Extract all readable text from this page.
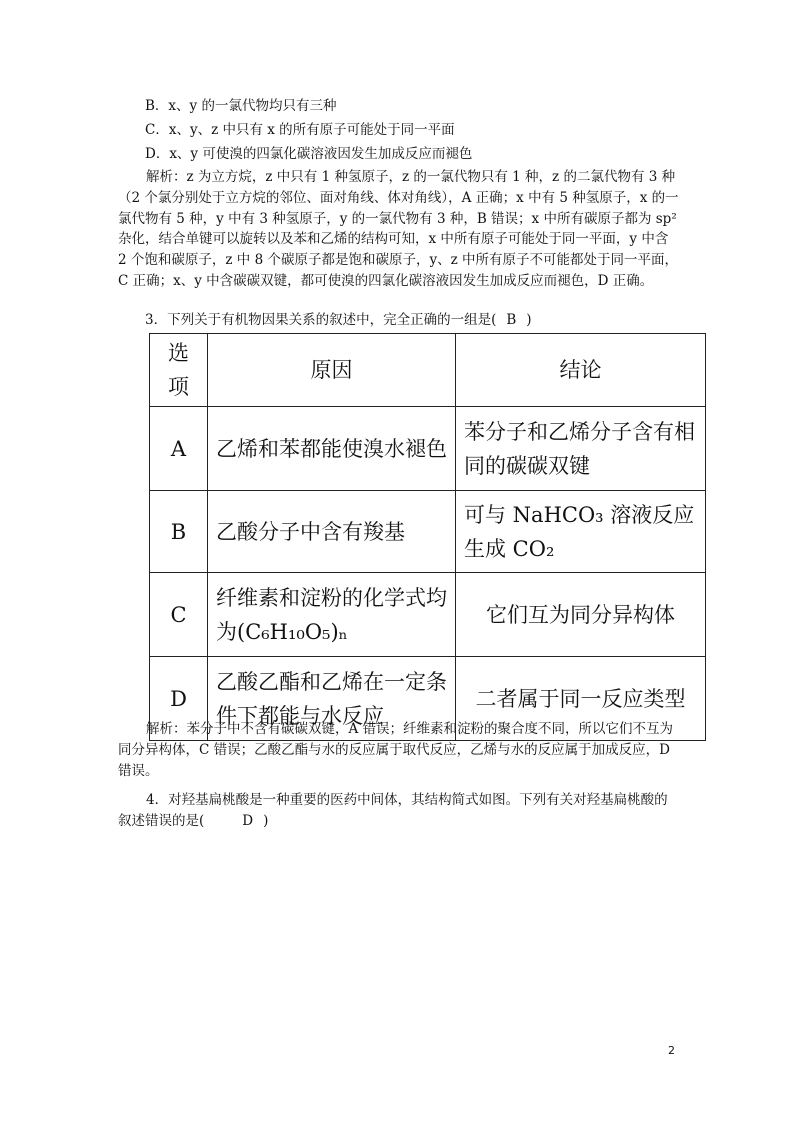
B．x、y 的一氯代物均只有三种
C．x、y、z 中只有 x 的所有原子可能处于同一平面
D．x、y 可使溴的四氯化碳溶液因发生加成反应而褪色
解析：z 为立方烷，z 中只有 1 种氢原子，z 的一氯代物只有 1 种，z 的二氯代物有 3 种（2 个氯分别处于立方烷的邻位、面对角线、体对角线），A 正确；x 中有 5 种氢原子，x 的一氯代物有 5 种，y 中有 3 种氢原子，y 的一氯代物有 3 种，B 错误；x 中所有碳原子都为 sp² 杂化，结合单键可以旋转以及苯和乙烯的结构可知，x 中所有原子可能处于同一平面，y 中含 2 个饱和碳原子，z 中 8 个碳原子都是饱和碳原子，y、z 中所有原子不可能都处于同一平面，C 正确；x、y 中含碳碳双键，都可使溴的四氯化碳溶液因发生加成反应而褪色，D 正确。
3．下列关于有机物因果关系的叙述中，完全正确的一组是( B )
选项	原因	结论
A	乙烯和苯都能使溴水褪色	苯分子和乙烯分子含有相同的碳碳双键
B	乙酸分子中含有羧基	可与 NaHCO₃ 溶液反应生成 CO₂
C	纤维素和淀粉的化学式均为(C₆H₁₀O₅)ₙ	它们互为同分异构体
D	乙酸乙酯和乙烯在一定条件下都能与水反应	二者属于同一反应类型
解析：苯分子中不含有碳碳双键，A 错误；纤维素和淀粉的聚合度不同，所以它们不互为同分异构体，C 错误；乙酸乙酯与水的反应属于取代反应，乙烯与水的反应属于加成反应，D 错误。
4．对羟基扁桃酸是一种重要的医药中间体，其结构简式如图。下列有关对羟基扁桃酸的叙述错误的是(	D )
2
